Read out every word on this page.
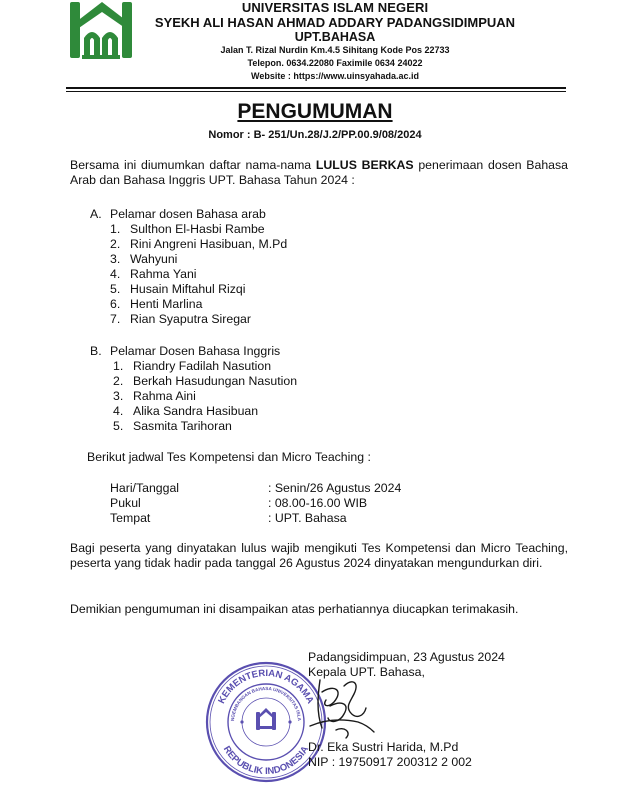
UNIVERSITAS ISLAM NEGERI
SYEKH ALI HASAN AHMAD ADDARY PADANGSIDIMPUAN
UPT.BAHASA
Jalan T. Rizal Nurdin Km.4.5 Sihitang Kode Pos 22733
Telepon. 0634.22080 Faximile 0634 24022
Website : https://www.uinsyahada.ac.id
PENGUMUMAN
Nomor : B- 251/Un.28/J.2/PP.00.9/08/2024
Bersama ini diumumkan daftar nama-nama LULUS BERKAS penerimaan dosen Bahasa Arab dan Bahasa Inggris UPT. Bahasa Tahun 2024 :
A. Pelamar dosen Bahasa arab
1. Sulthon El-Hasbi Rambe
2. Rini Angreni Hasibuan, M.Pd
3. Wahyuni
4. Rahma Yani
5. Husain Miftahul Rizqi
6. Henti Marlina
7. Rian Syaputra Siregar
B. Pelamar Dosen Bahasa Inggris
1. Riandry Fadilah Nasution
2. Berkah Hasudungan Nasution
3. Rahma Aini
4. Alika Sandra Hasibuan
5. Sasmita Tarihoran
Berikut jadwal Tes Kompetensi dan Micro Teaching :
Hari/Tanggal	: Senin/26 Agustus 2024
Pukul	: 08.00-16.00 WIB
Tempat	: UPT. Bahasa
Bagi peserta yang dinyatakan lulus wajib mengikuti Tes Kompetensi dan Micro Teaching, peserta yang tidak hadir pada tanggal 26 Agustus 2024 dinyatakan mengundurkan diri.
Demikian pengumuman ini disampaikan atas perhatiannya diucapkan terimakasih.
Padangsidimpuan, 23 Agustus 2024
Kepala UPT. Bahasa,
KEMENTERIAN AGAMA
REPUBLIK INDONESIA
NGEMBANGAN BAHASA UNIVERSITAS ISLA
Dr. Eka Sustri Harida, M.Pd
NIP : 19750917 200312 2 002
